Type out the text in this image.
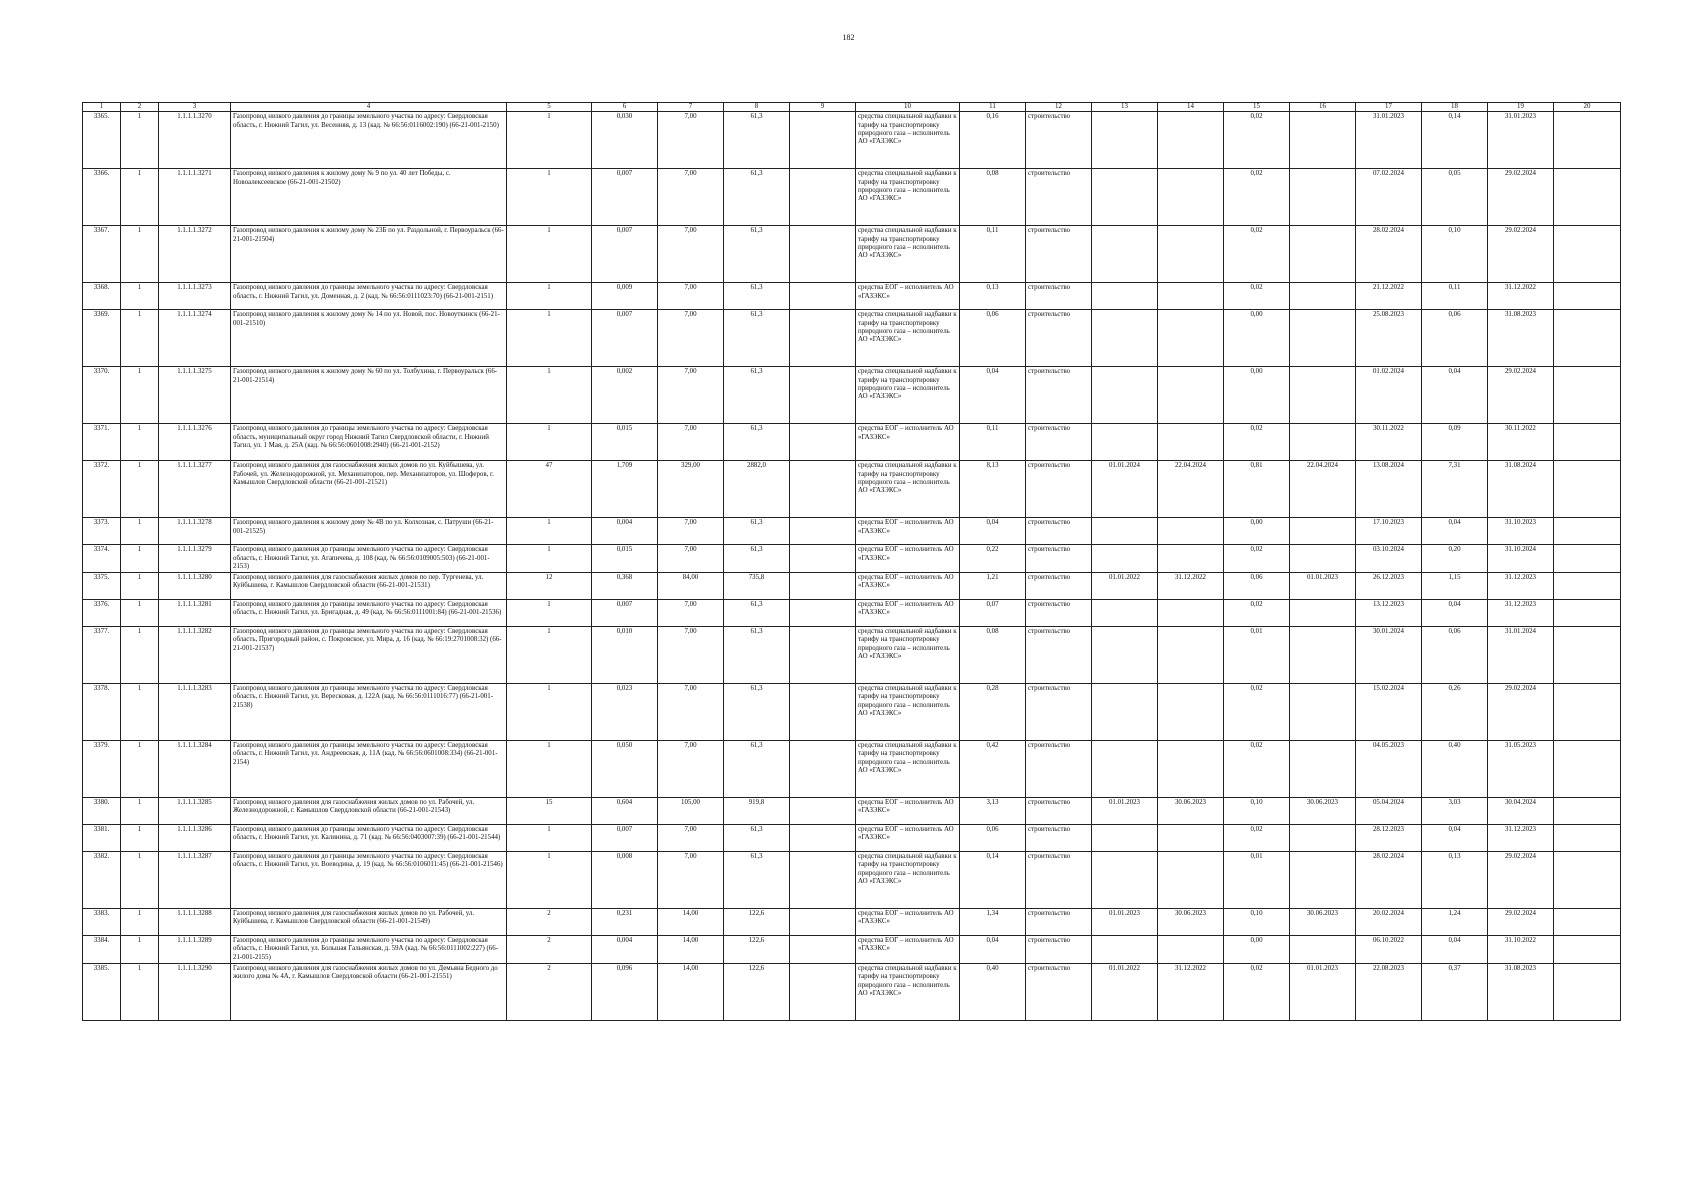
182
1	2	3	4	5	6	7	8	9	10	11	12	13	14	15	16	17	18	19	20
3365.	1	1.1.1.1.3270	Газопровод низкого давления до границы земельного участка по адресу: Свердловская область, г. Нижний Тагил, ул. Весенняя, д. 13 (кад. № 66:56:0116002:190) (66-21-001-2150)	1	0,030	7,00	61,3		средства специальной надбавки к тарифу на транспортировку природного газа – исполнитель АО «ГАЗЭКС»	0,16	строительство			0,02		31.01.2023	0,14	31.01.2023	
3366.	1	1.1.1.1.3271	Газопровод низкого давления к жилому дому № 9 по ул. 40 лет Победы, с. Новоалексеевское (66-21-001-21502)	1	0,007	7,00	61,3		средства специальной надбавки к тарифу на транспортировку природного газа – исполнитель АО «ГАЗЭКС»	0,08	строительство			0,02		07.02.2024	0,05	29.02.2024	
3367.	1	1.1.1.1.3272	Газопровод низкого давления к жилому дому № 23Б по ул. Раздольной, г. Первоуральск (66-21-001-21504)	1	0,007	7,00	61,3		средства специальной надбавки к тарифу на транспортировку природного газа – исполнитель АО «ГАЗЭКС»	0,11	строительство			0,02		28.02.2024	0,10	29.02.2024	
3368.	1	1.1.1.1.3273	Газопровод низкого давления до границы земельного участка по адресу: Свердловская область, г. Нижний Тагил, ул. Доменная, д. 2 (кад. № 66:56:0111023:70) (66-21-001-2151)	1	0,009	7,00	61,3		средства ЕОГ – исполнитель АО «ГАЗЭКС»	0,13	строительство			0,02		21.12.2022	0,11	31.12.2022	
3369.	1	1.1.1.1.3274	Газопровод низкого давления к жилому дому № 14 по ул. Новой, пос. Новоуткинск (66-21-001-21510)	1	0,007	7,00	61,3		средства специальной надбавки к тарифу на транспортировку природного газа – исполнитель АО «ГАЗЭКС»	0,06	строительство			0,00		25.08.2023	0,06	31.08.2023	
3370.	1	1.1.1.1.3275	Газопровод низкого давления к жилому дому № 60 по ул. Толбухина, г. Первоуральск (66-21-001-21514)	1	0,002	7,00	61,3		средства специальной надбавки к тарифу на транспортировку природного газа – исполнитель АО «ГАЗЭКС»	0,04	строительство			0,00		01.02.2024	0,04	29.02.2024	
3371.	1	1.1.1.1.3276	Газопровод низкого давления до границы земельного участка по адресу: Свердловская область, муниципальный округ город Нижний Тагил Свердловской области, г. Нижний Тагил, ул. 1 Мая, д. 25А (кад. № 66:56:0601008:2940) (66-21-001-2152)	1	0,015	7,00	61,3		средства ЕОГ – исполнитель АО «ГАЗЭКС»	0,11	строительство			0,02		30.11.2022	0,09	30.11.2022	
3372.	1	1.1.1.1.3277	Газопровод низкого давления для газоснабжения жилых домов по ул. Куйбышева, ул. Рабочей, ул. Железнодорожной, ул. Механизаторов, пер. Механизаторов, ул. Шоферов, г. Камышлов Свердловской области (66-21-001-21521)	47	1,709	329,00	2882,0		средства специальной надбавки к тарифу на транспортировку природного газа – исполнитель АО «ГАЗЭКС»	8,13	строительство	01.01.2024	22.04.2024	0,81	22.04.2024	13.08.2024	7,31	31.08.2024	
3373.	1	1.1.1.1.3278	Газопровод низкого давления к жилому дому № 4В по ул. Колхозная, с. Патруши (66-21-001-21525)	1	0,004	7,00	61,3		средства ЕОГ – исполнитель АО «ГАЗЭКС»	0,04	строительство			0,00		17.10.2023	0,04	31.10.2023	
3374.	1	1.1.1.1.3279	Газопровод низкого давления до границы земельного участка по адресу: Свердловская область, г. Нижний Тагил, ул. Агапичева, д. 108 (кад. № 66:56:0109005:503) (66-21-001-2153)	1	0,015	7,00	61,3		средства ЕОГ – исполнитель АО «ГАЗЭКС»	0,22	строительство			0,02		03.10.2024	0,20	31.10.2024	
3375.	1	1.1.1.1.3280	Газопровод низкого давления для газоснабжения жилых домов по пер. Тургенева, ул. Куйбышева, г. Камышлов Свердловской области (66-21-001-21531)	12	0,368	84,00	735,8		средства ЕОГ – исполнитель АО «ГАЗЭКС»	1,21	строительство	01.01.2022	31.12.2022	0,06	01.01.2023	26.12.2023	1,15	31.12.2023	
3376.	1	1.1.1.1.3281	Газопровод низкого давления до границы земельного участка по адресу: Свердловская область, г. Нижний Тагил, ул. Бригадная, д. 49 (кад. № 66:56:0111001:84) (66-21-001-21536)	1	0,007	7,00	61,3		средства ЕОГ – исполнитель АО «ГАЗЭКС»	0,07	строительство			0,02		13.12.2023	0,04	31.12.2023	
3377.	1	1.1.1.1.3282	Газопровод низкого давления до границы земельного участка по адресу: Свердловская область, Пригородный район, с. Покровское, ул. Мира, д. 16 (кад. № 66:19:2701008:32) (66-21-001-21537)	1	0,010	7,00	61,3		средства специальной надбавки к тарифу на транспортировку природного газа – исполнитель АО «ГАЗЭКС»	0,08	строительство			0,01		30.01.2024	0,06	31.01.2024	
3378.	1	1.1.1.1.3283	Газопровод низкого давления до границы земельного участка по адресу: Свердловская область, г. Нижний Тагил, ул. Вересковая, д. 122А (кад. № 66:56:0111016:77) (66-21-001-21538)	1	0,023	7,00	61,3		средства специальной надбавки к тарифу на транспортировку природного газа – исполнитель АО «ГАЗЭКС»	0,28	строительство			0,02		15.02.2024	0,26	29.02.2024	
3379.	1	1.1.1.1.3284	Газопровод низкого давления до границы земельного участка по адресу: Свердловская область, г. Нижний Тагил, ул. Андреевская, д. 11А (кад. № 66:56:0601008:334) (66-21-001-2154)	1	0,050	7,00	61,3		средства специальной надбавки к тарифу на транспортировку природного газа – исполнитель АО «ГАЗЭКС»	0,42	строительство			0,02		04.05.2023	0,40	31.05.2023	
3380.	1	1.1.1.1.3285	Газопровод низкого давления для газоснабжения жилых домов по ул. Рабочей, ул. Железнодорожной, г. Камышлов Свердловской области (66-21-001-21543)	15	0,604	105,00	919,8		средства ЕОГ – исполнитель АО «ГАЗЭКС»	3,13	строительство	01.01.2023	30.06.2023	0,10	30.06.2023	05.04.2024	3,03	30.04.2024	
3381.	1	1.1.1.1.3286	Газопровод низкого давления до границы земельного участка по адресу: Свердловская область, г. Нижний Тагил, ул. Калинина, д. 71 (кад. № 66:56:0403007:39) (66-21-001-21544)	1	0,007	7,00	61,3		средства ЕОГ – исполнитель АО «ГАЗЭКС»	0,06	строительство			0,02		28.12.2023	0,04	31.12.2023	
3382.	1	1.1.1.1.3287	Газопровод низкого давления до границы земельного участка по адресу: Свердловская область, г. Нижний Тагил, ул. Воеводина, д. 19 (кад. № 66:56:0106011:45) (66-21-001-21546)	1	0,008	7,00	61,3		средства специальной надбавки к тарифу на транспортировку природного газа – исполнитель АО «ГАЗЭКС»	0,14	строительство			0,01		28.02.2024	0,13	29.02.2024	
3383.	1	1.1.1.1.3288	Газопровод низкого давления для газоснабжения жилых домов по ул. Рабочей, ул. Куйбышева, г. Камышлов Свердловской области (66-21-001-21549)	2	0,231	14,00	122,6		средства ЕОГ – исполнитель АО «ГАЗЭКС»	1,34	строительство	01.01.2023	30.06.2023	0,10	30.06.2023	20.02.2024	1,24	29.02.2024	
3384.	1	1.1.1.1.3289	Газопровод низкого давления до границы земельного участка по адресу: Свердловская область, г. Нижний Тагил, ул. Большая Гальянская, д. 59А (кад. № 66:56:0111002:227) (66-21-001-2155)	2	0,004	14,00	122,6		средства ЕОГ – исполнитель АО «ГАЗЭКС»	0,04	строительство			0,00		06.10.2022	0,04	31.10.2022	
3385.	1	1.1.1.1.3290	Газопровод низкого давления для газоснабжения жилых домов по ул. Демьяна Бедного до жилого дома № 4А, г. Камышлов Свердловской области (66-21-001-21551)	2	0,096	14,00	122,6		средства специальной надбавки к тарифу на транспортировку природного газа – исполнитель АО «ГАЗЭКС»	0,40	строительство	01.01.2022	31.12.2022	0,02	01.01.2023	22.08.2023	0,37	31.08.2023	
